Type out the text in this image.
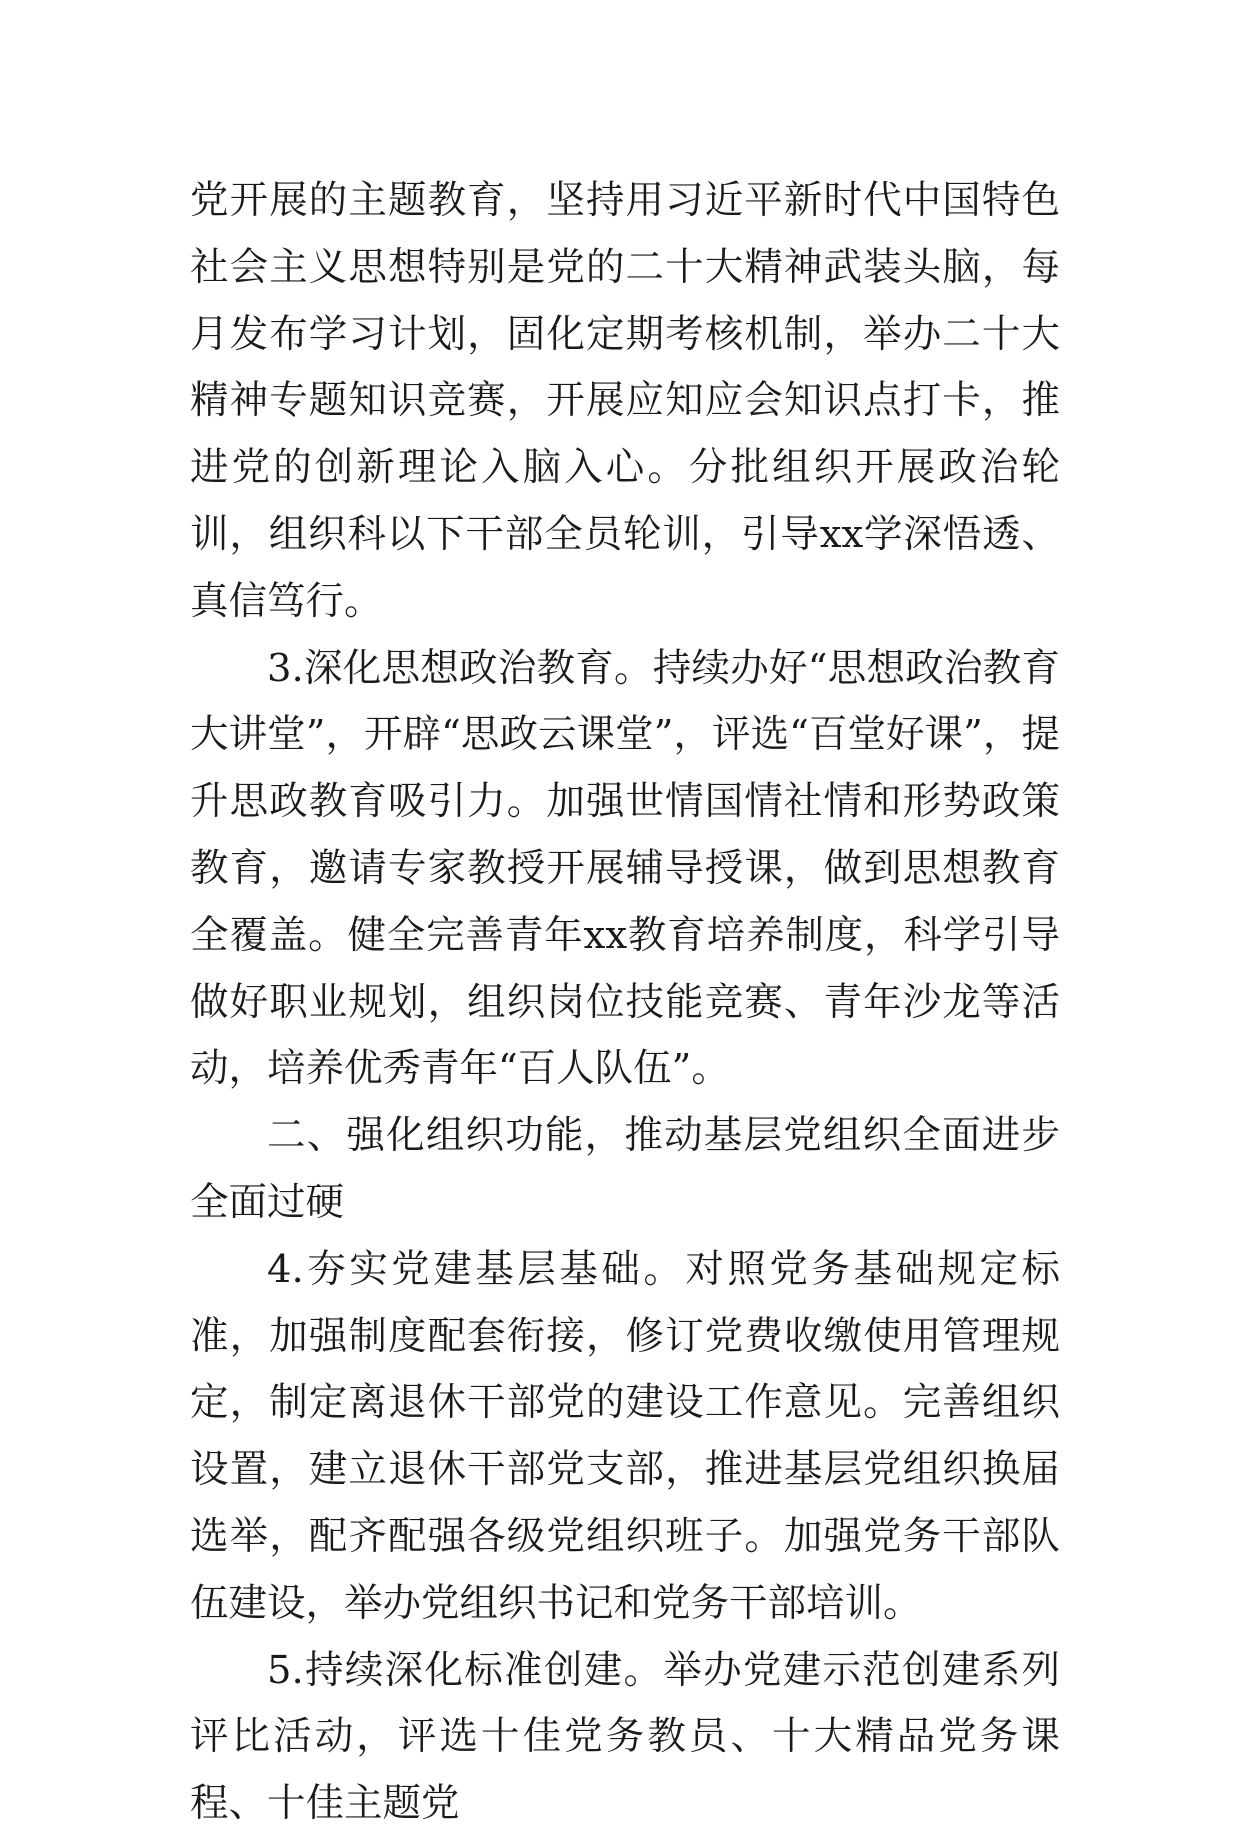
党开展的主题教育，坚持用习近平新时代中国特色社会主义思想特别是党的二十大精神武装头脑，每月发布学习计划，固化定期考核机制，举办二十大精神专题知识竞赛，开展应知应会知识点打卡，推进党的创新理论入脑入心。分批组织开展政治轮训，组织科以下干部全员轮训，引导xx学深悟透、真信笃行。

3.深化思想政治教育。持续办好“思想政治教育大讲堂”，开辟“思政云课堂”，评选“百堂好课”，提升思政教育吸引力。加强世情国情社情和形势政策教育，邀请专家教授开展辅导授课，做到思想教育全覆盖。健全完善青年xx教育培养制度，科学引导做好职业规划，组织岗位技能竞赛、青年沙龙等活动，培养优秀青年“百人队伍”。

二、强化组织功能，推动基层党组织全面进步全面过硬

4.夯实党建基层基础。对照党务基础规定标准，加强制度配套衔接，修订党费收缴使用管理规定，制定离退休干部党的建设工作意见。完善组织设置，建立退休干部党支部，推进基层党组织换届选举，配齐配强各级党组织班子。加强党务干部队伍建设，举办党组织书记和党务干部培训。

5.持续深化标准创建。举办党建示范创建系列评比活动，评选十佳党务教员、十大精品党务课程、十佳主题党
